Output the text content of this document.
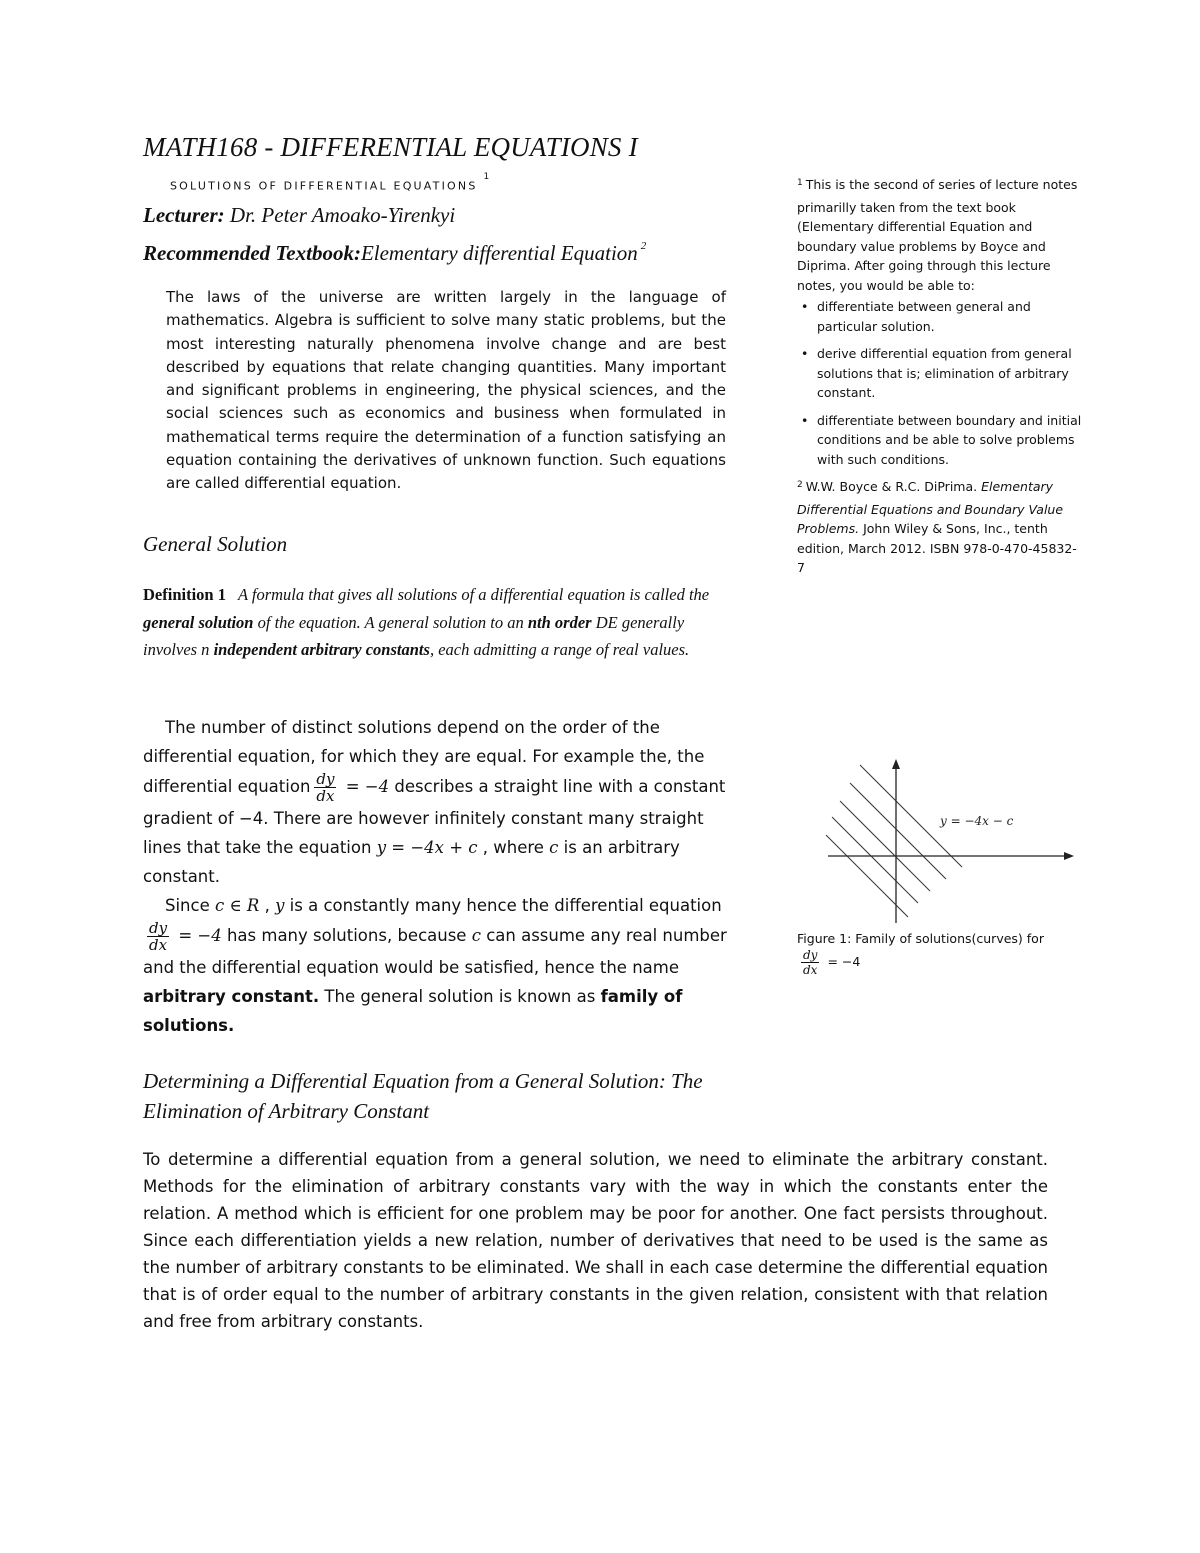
MATH168 - DIFFERENTIAL EQUATIONS I
SOLUTIONS OF DIFFERENTIAL EQUATIONS$^1$
Lecturer: Dr. Peter Amoako-Yirenkyi
Recommended Textbook:Elementary differential Equation $^2$
The laws of the universe are written largely in the language of mathematics. Algebra is sufficient to solve many static problems, but the most interesting naturally phenomena involve change and are best described by equations that relate changing quantities. Many important and significant problems in engineering, the physical sciences, and the social sciences such as economics and business when formulated in mathematical terms require the determination of a function satisfying an equation containing the derivatives of unknown function. Such equations are called differential equation.
General Solution
Definition 1 A formula that gives all solutions of a differential equation is called the general solution of the equation. A general solution to an nth order DE generally involves n independent arbitrary constants, each admitting a range of real values.
The number of distinct solutions depend on the order of the differential equation, for which they are equal. For example the, the differential equation $\frac{dy}{dx} = -4$ describes a straight line with a constant gradient of −4. There are however infinitely constant many straight lines that take the equation y = −4x + c , where c is an arbitrary constant.
Since c ∈ R , y is a constantly many hence the differential equation
$\frac{dy}{dx} = -4$ has many solutions, because c can assume any real number and the differential equation would be satisfied, hence the name arbitrary constant. The general solution is known as family of solutions.
Determining a Differential Equation from a General Solution: The Elimination of Arbitrary Constant
To determine a differential equation from a general solution, we need to eliminate the arbitrary constant. Methods for the elimination of arbitrary constants vary with the way in which the constants enter the relation. A method which is efficient for one problem may be poor for another. One fact persists throughout. Since each differentiation yields a new relation, number of derivatives that need to be used is the same as the number of arbitrary constants to be eliminated. We shall in each case determine the differential equation that is of order equal to the number of arbitrary constants in the given relation, consistent with that relation and free from arbitrary constants.
$^1$ This is the second of series of lecture notes primarilly taken from the text book (Elementary differential Equation and boundary value problems by Boyce and Diprima. After going through this lecture notes, you would be able to:
• differentiate between general and particular solution.
• derive differential equation from general solutions that is; elimination of arbitrary constant.
• differentiate between boundary and initial conditions and be able to solve problems with such conditions.
$^2$ W.W. Boyce & R.C. DiPrima. Elementary Differential Equations and Boundary Value Problems. John Wiley & Sons, Inc., tenth edition, March 2012. ISBN 978-0-470-45832-7
y = −4x − c
Figure 1: Family of solutions(curves) for

$\frac{dy}{dx} = -4$
